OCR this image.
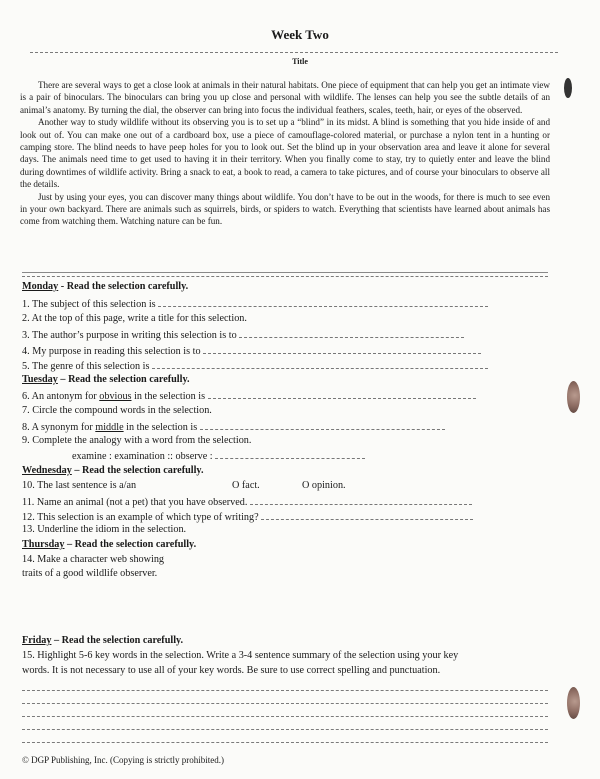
Week Two
Title

There are several ways to get a close look at animals in their natural habitats. One piece of equipment that can help you get an intimate view is a pair of binoculars. The binoculars can bring you up close and personal with wildlife. The lenses can help you see the subtle details of an animal’s anatomy. By turning the dial, the observer can bring into focus the individual feathers, scales, teeth, hair, or eyes of the observed.

Another way to study wildlife without its observing you is to set up a “blind” in its midst. A blind is something that you hide inside of and look out of. You can make one out of a cardboard box, use a piece of camouflage-colored material, or purchase a nylon tent in a hunting or camping store. The blind needs to have peep holes for you to look out. Set the blind up in your observation area and leave it alone for several days. The animals need time to get used to having it in their territory. When you finally come to stay, try to quietly enter and leave the blind during downtimes of wildlife activity. Bring a snack to eat, a book to read, a camera to take pictures, and of course your binoculars to observe all the details.

Just by using your eyes, you can discover many things about wildlife. You don’t have to be out in the woods, for there is much to see even in your own backyard. There are animals such as squirrels, birds, or spiders to watch. Everything that scientists have learned about animals has come from watching them. Watching nature can be fun.

Monday - Read the selection carefully.
1. The subject of this selection is
2. At the top of this page, write a title for this selection.
3. The author’s purpose in writing this selection is to
4. My purpose in reading this selection is to
5. The genre of this selection is
Tuesday – Read the selection carefully.
6. An antonym for obvious in the selection is
7. Circle the compound words in the selection.
8. A synonym for middle in the selection is
9. Complete the analogy with a word from the selection.
examine : examination :: observe :
Wednesday – Read the selection carefully.
10. The last sentence is a/an	O fact.	O opinion.
11. Name an animal (not a pet) that you have observed.
12. This selection is an example of which type of writing?
13. Underline the idiom in the selection.
Thursday – Read the selection carefully.
14. Make a character web showing
traits of a good wildlife observer.
Friday – Read the selection carefully.
15. Highlight 5-6 key words in the selection. Write a 3-4 sentence summary of the selection using your key
words. It is not necessary to use all of your key words. Be sure to use correct spelling and punctuation.
© DGP Publishing, Inc. (Copying is strictly prohibited.)
